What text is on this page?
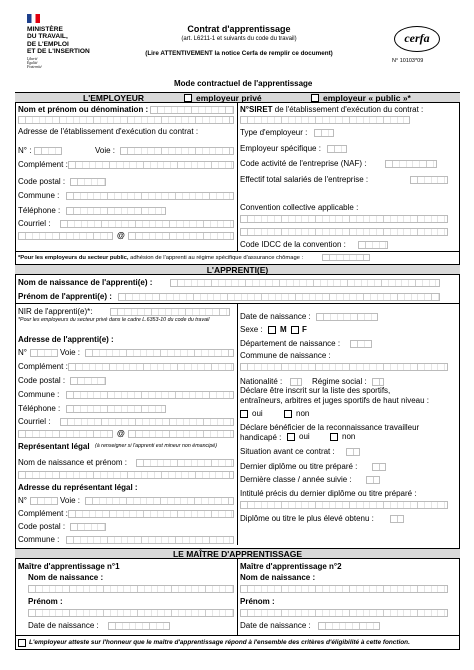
MINISTÈRE
DU TRAVAIL,
DE L'EMPLOI
ET DE L'INSERTION
Liberté
Égalité
Fraternité
Contrat d'apprentissage
(art. L6211-1 et suivants du code du travail)
(Lire ATTENTIVEMENT la notice Cerfa de remplir ce document)
cerfa
N° 10103*09
Mode contractuel de l'apprentissage
L'EMPLOYEUR	employeur privé	employeur « public »*
Nom et prénom ou dénomination :
Adresse de l'établissement d'exécution du contrat :
N° :	Voie :
Complément :
Code postal :
Commune :
Téléphone :
Courriel :
@
N°SIRET de l'établissement d'exécution du contrat :
Type d'employeur :
Employeur spécifique :
Code activité de l'entreprise (NAF) :
Effectif total salariés de l'entreprise :
Convention collective applicable :
Code IDCC de la convention :
*Pour les employeurs du secteur public, adhésion de l'apprenti au régime spécifique d'assurance chômage :
L'APPRENTI(E)
Nom de naissance de l'apprenti(e) :
Prénom de l'apprenti(e) :
NIR de l'apprenti(e)*:
*Pour les employeurs du secteur privé dans le cadre L.6353-10 du code du travail
Adresse de l'apprenti(e) :
N°	Voie :
Complément :
Code postal :
Commune :
Téléphone :
Courriel :
@
Représentant légal (à renseigner si l'apprenti est mineur non émancipé)
Nom de naissance et prénom :
Adresse du représentant légal :
N°	Voie :
Complément :
Code postal :
Commune :
Date de naissance :
Sexe : M F
Département de naissance :
Commune de naissance :
Nationalité :	Régime social :
Déclare être inscrit sur la liste des sportifs,
entraîneurs, arbitres et juges sportifs de haut niveau :
oui	non
Déclare bénéficier de la reconnaissance travailleur
handicapé :	oui	non
Situation avant ce contrat :
Dernier diplôme ou titre préparé :
Dernière classe / année suivie :
Intitulé précis du dernier diplôme ou titre préparé :
Diplôme ou titre le plus élevé obtenu :
LE MAÎTRE D'APPRENTISSAGE
Maître d'apprentissage n°1
Nom de naissance :
Prénom :
Date de naissance :
Maître d'apprentissage n°2
Nom de naissance :
Prénom :
Date de naissance :
L'employeur atteste sur l'honneur que le maître d'apprentissage répond à l'ensemble des critères d'éligibilité à cette fonction.
